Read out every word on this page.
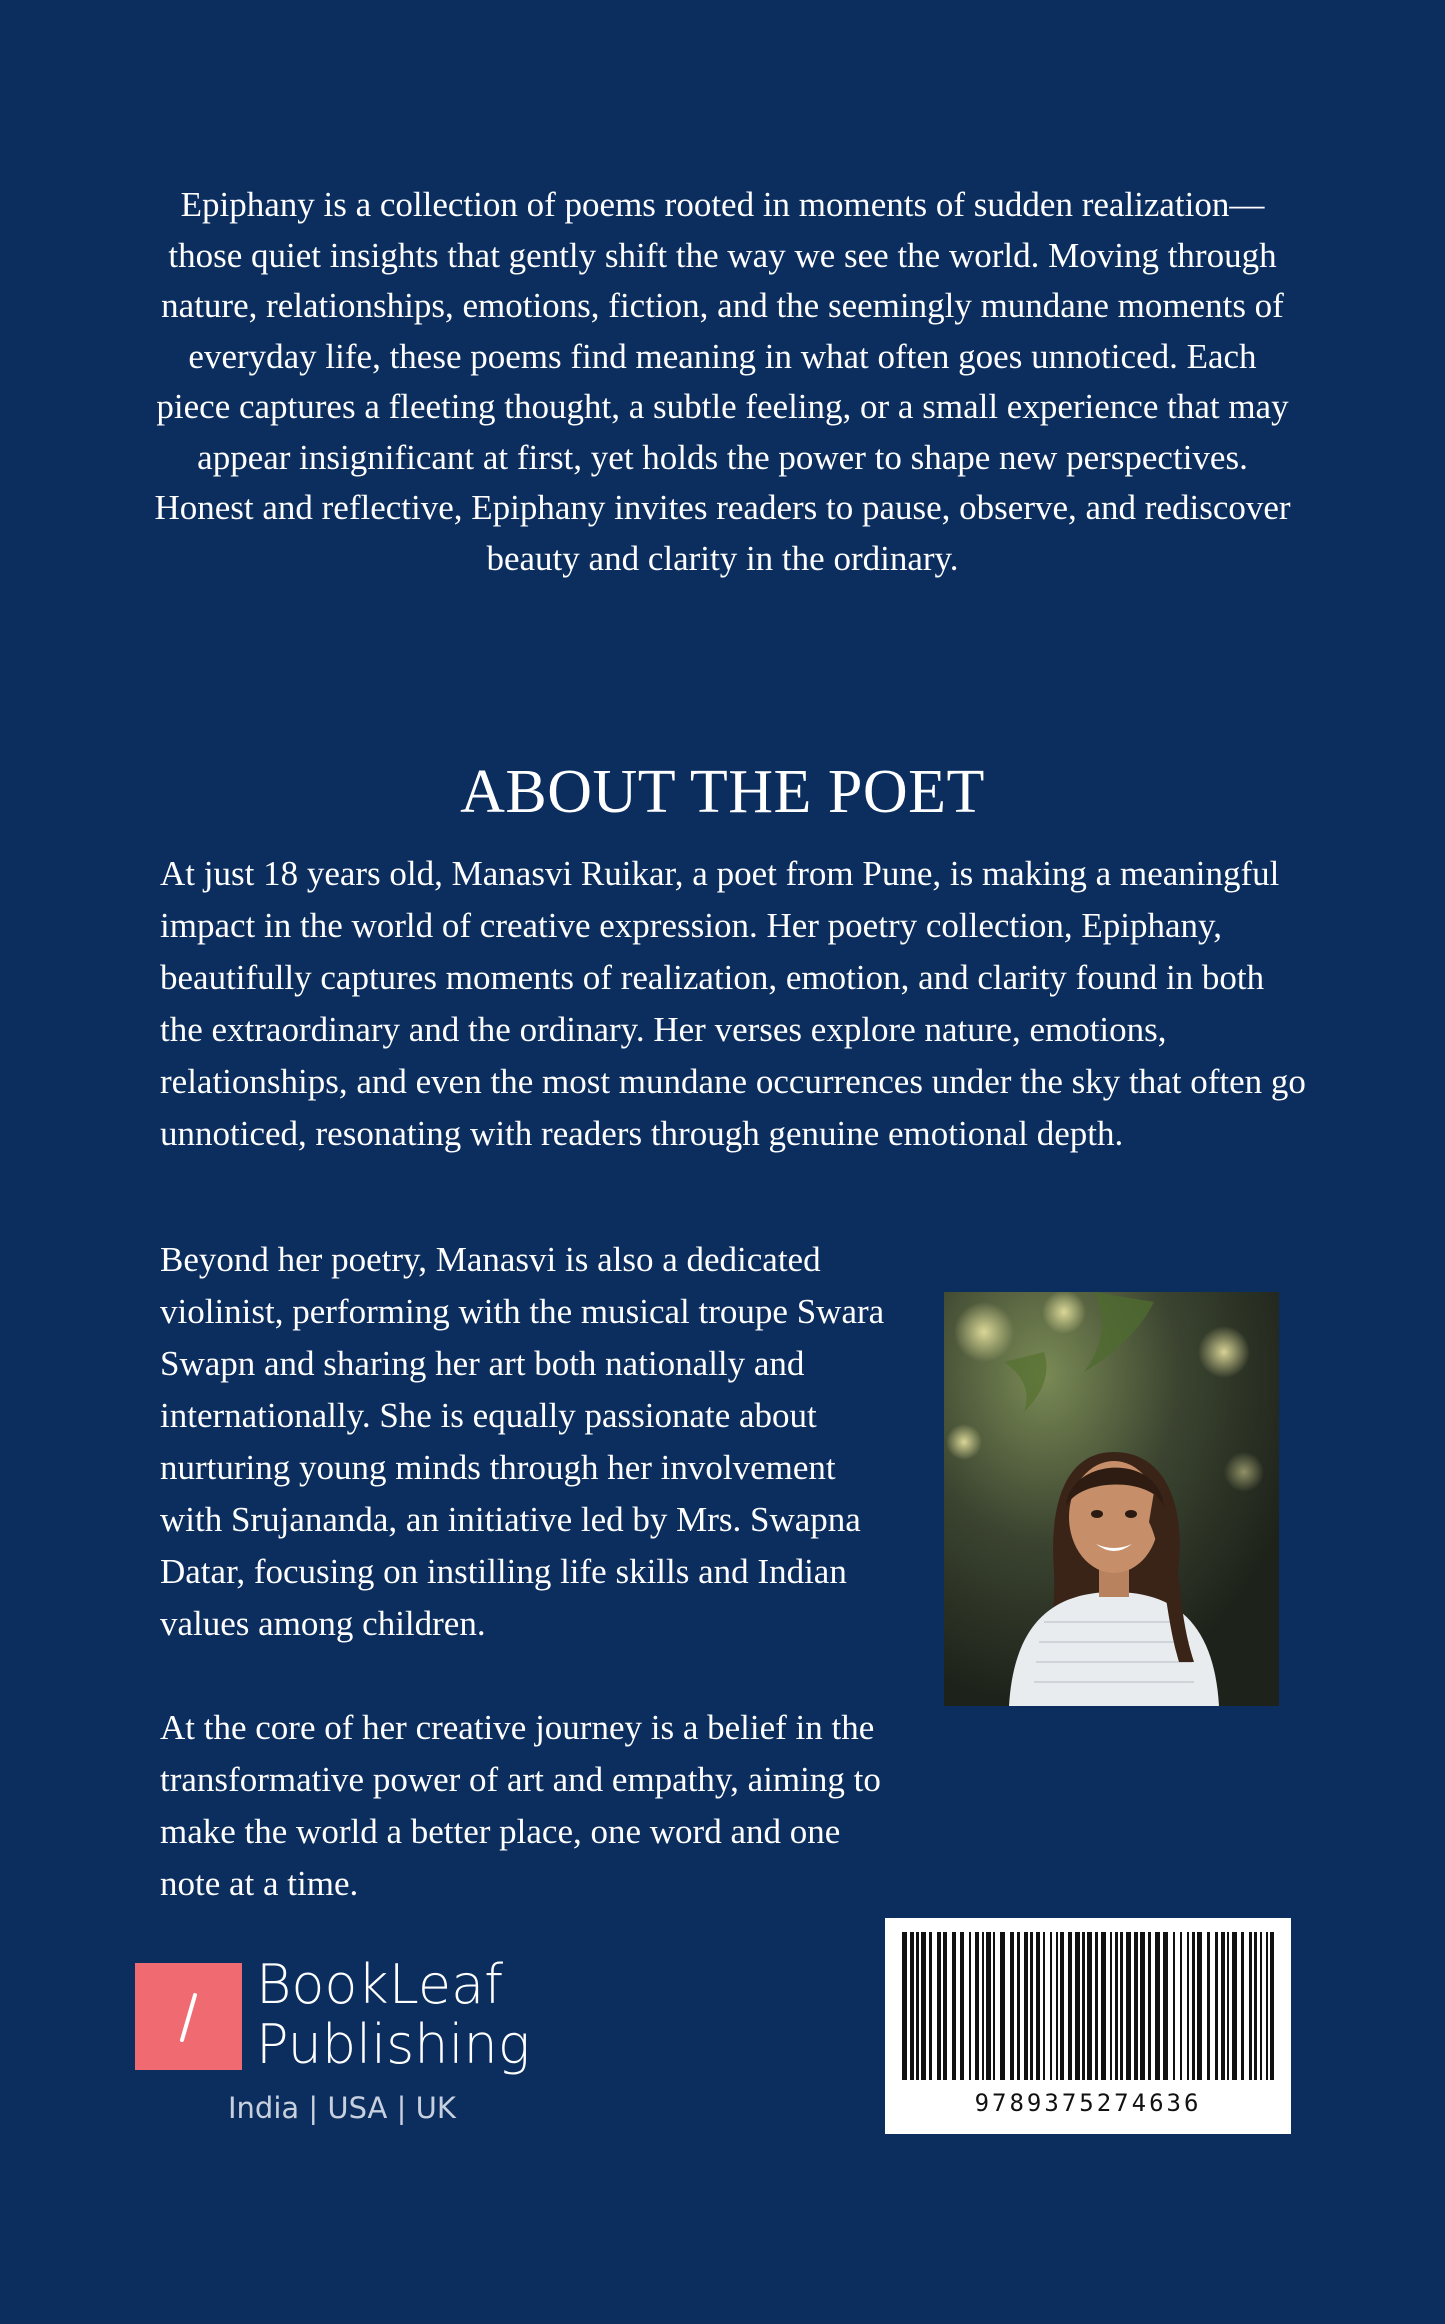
Epiphany is a collection of poems rooted in moments of sudden realization—those quiet insights that gently shift the way we see the world. Moving through nature, relationships, emotions, fiction, and the seemingly mundane moments of everyday life, these poems find meaning in what often goes unnoticed. Each piece captures a fleeting thought, a subtle feeling, or a small experience that may appear insignificant at first, yet holds the power to shape new perspectives. Honest and reflective, Epiphany invites readers to pause, observe, and rediscover beauty and clarity in the ordinary.

ABOUT THE POET

At just 18 years old, Manasvi Ruikar, a poet from Pune, is making a meaningful impact in the world of creative expression. Her poetry collection, Epiphany, beautifully captures moments of realization, emotion, and clarity found in both the extraordinary and the ordinary. Her verses explore nature, emotions, relationships, and even the most mundane occurrences under the sky that often go unnoticed, resonating with readers through genuine emotional depth.

Beyond her poetry, Manasvi is also a dedicated violinist, performing with the musical troupe Swara Swapn and sharing her art both nationally and internationally. She is equally passionate about nurturing young minds through her involvement with Srujananda, an initiative led by Mrs. Swapna Datar, focusing on instilling life skills and Indian values among children.

At the core of her creative journey is a belief in the transformative power of art and empathy, aiming to make the world a better place, one word and one note at a time.

BookLeaf
Publishing
India | USA | UK	9789375274636
